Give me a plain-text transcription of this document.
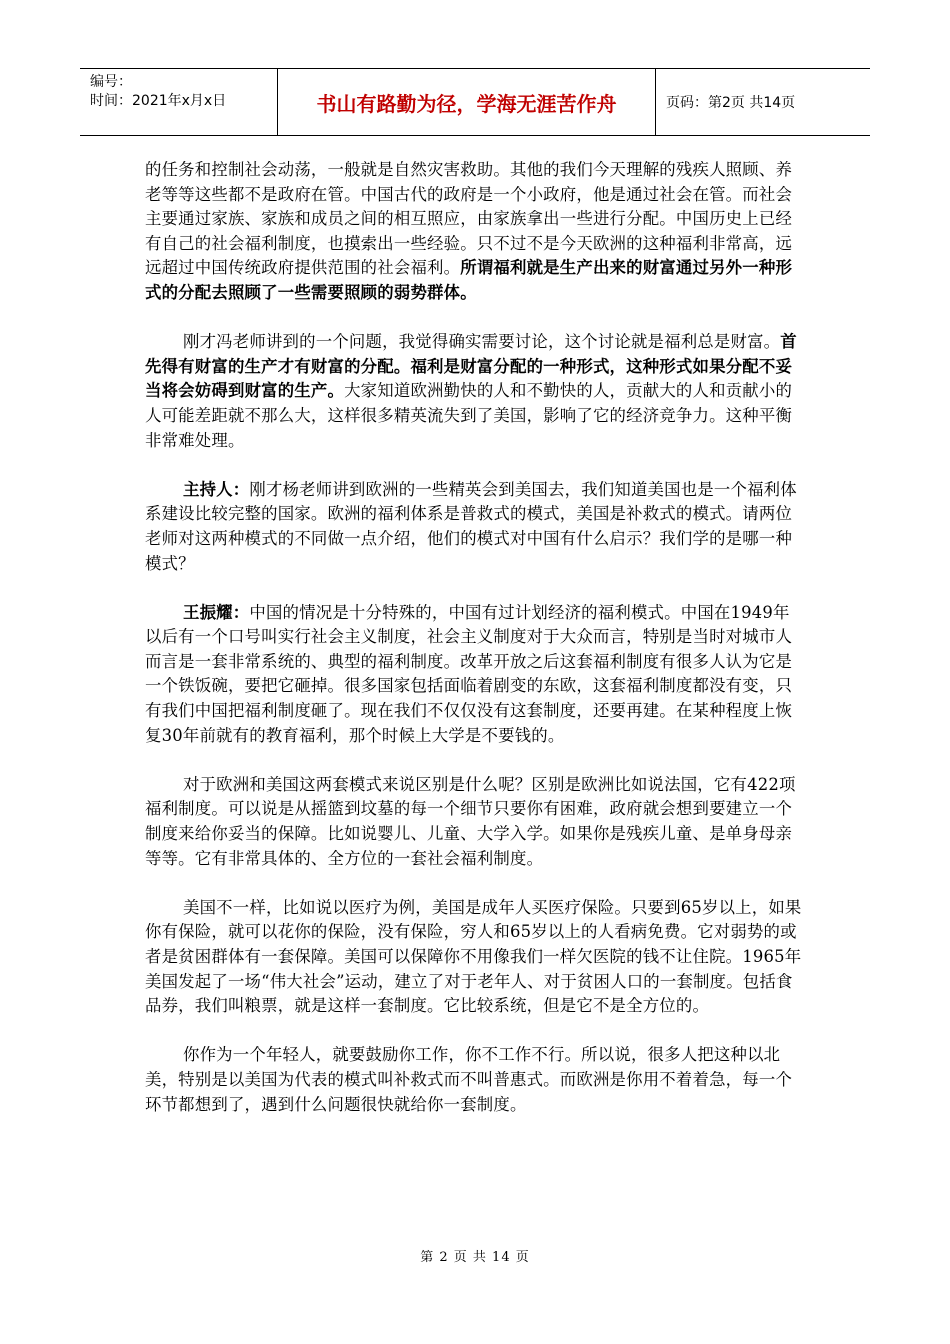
编号：
时间：2021年x月x日	书山有路勤为径，学海无涯苦作舟	页码：第2页 共14页

的任务和控制社会动荡，一般就是自然灾害救助。其他的我们今天理解的残疾人照顾、养老等等这些都不是政府在管。中国古代的政府是一个小政府，他是通过社会在管。而社会主要通过家族、家族和成员之间的相互照应，由家族拿出一些进行分配。中国历史上已经有自己的社会福利制度，也摸索出一些经验。只不过不是今天欧洲的这种福利非常高，远远超过中国传统政府提供范围的社会福利。所谓福利就是生产出来的财富通过另外一种形式的分配去照顾了一些需要照顾的弱势群体。

刚才冯老师讲到的一个问题，我觉得确实需要讨论，这个讨论就是福利总是财富。首先得有财富的生产才有财富的分配。福利是财富分配的一种形式，这种形式如果分配不妥当将会妨碍到财富的生产。大家知道欧洲勤快的人和不勤快的人，贡献大的人和贡献小的人可能差距就不那么大，这样很多精英流失到了美国，影响了它的经济竞争力。这种平衡非常难处理。

主持人：刚才杨老师讲到欧洲的一些精英会到美国去，我们知道美国也是一个福利体系建设比较完整的国家。欧洲的福利体系是普救式的模式，美国是补救式的模式。请两位老师对这两种模式的不同做一点介绍，他们的模式对中国有什么启示？我们学的是哪一种模式？

王振耀：中国的情况是十分特殊的，中国有过计划经济的福利模式。中国在1949年以后有一个口号叫实行社会主义制度，社会主义制度对于大众而言，特别是当时对城市人而言是一套非常系统的、典型的福利制度。改革开放之后这套福利制度有很多人认为它是一个铁饭碗，要把它砸掉。很多国家包括面临着剧变的东欧，这套福利制度都没有变，只有我们中国把福利制度砸了。现在我们不仅仅没有这套制度，还要再建。在某种程度上恢复30年前就有的教育福利，那个时候上大学是不要钱的。

对于欧洲和美国这两套模式来说区别是什么呢？区别是欧洲比如说法国，它有422项福利制度。可以说是从摇篮到坟墓的每一个细节只要你有困难，政府就会想到要建立一个制度来给你妥当的保障。比如说婴儿、儿童、大学入学。如果你是残疾儿童、是单身母亲等等。它有非常具体的、全方位的一套社会福利制度。

美国不一样，比如说以医疗为例，美国是成年人买医疗保险。只要到65岁以上，如果你有保险，就可以花你的保险，没有保险，穷人和65岁以上的人看病免费。它对弱势的或者是贫困群体有一套保障。美国可以保障你不用像我们一样欠医院的钱不让住院。1965年美国发起了一场“伟大社会”运动，建立了对于老年人、对于贫困人口的一套制度。包括食品券，我们叫粮票，就是这样一套制度。它比较系统，但是它不是全方位的。

你作为一个年轻人，就要鼓励你工作，你不工作不行。所以说，很多人把这种以北美，特别是以美国为代表的模式叫补救式而不叫普惠式。而欧洲是你用不着着急，每一个环节都想到了，遇到什么问题很快就给你一套制度。

第 2 页 共 14 页
